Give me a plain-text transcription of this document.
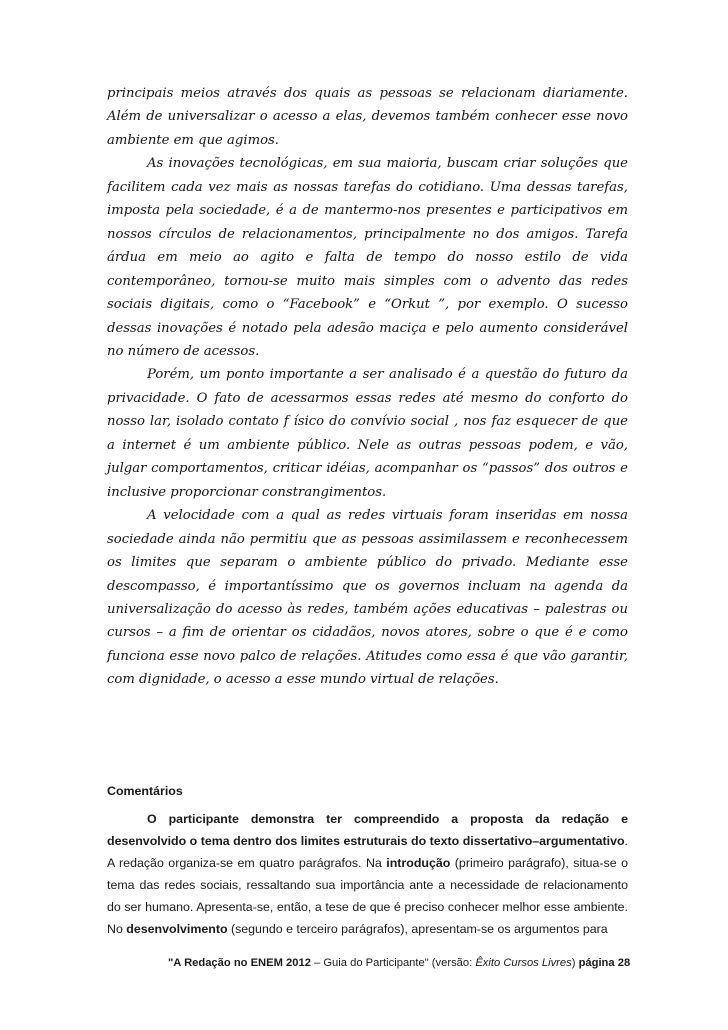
principais meios através dos quais as pessoas se relacionam diariamente. Além de universalizar o acesso a elas, devemos também conhecer esse novo ambiente em que agimos.

As inovações tecnológicas, em sua maioria, buscam criar soluções que facilitem cada vez mais as nossas tarefas do cotidiano. Uma dessas tarefas, imposta pela sociedade, é a de mantermo-nos presentes e participativos em nossos círculos de relacionamentos, principalmente no dos amigos. Tarefa árdua em meio ao agito e falta de tempo do nosso estilo de vida contemporâneo, tornou-se muito mais simples com o advento das redes sociais digitais, como o “Facebook” e “Orkut ”, por exemplo. O sucesso dessas inovações é notado pela adesão maciça e pelo aumento considerável no número de acessos.

Porém, um ponto importante a ser analisado é a questão do futuro da privacidade. O fato de acessarmos essas redes até mesmo do conforto do nosso lar, isolado contato f ísico do convívio social , nos faz esquecer de que a internet é um ambiente público. Nele as outras pessoas podem, e vão, julgar comportamentos, criticar idéias, acompanhar os “passos” dos outros e inclusive proporcionar constrangimentos.

A velocidade com a qual as redes virtuais foram inseridas em nossa sociedade ainda não permitiu que as pessoas assimilassem e reconhecessem os limites que separam o ambiente público do privado. Mediante esse descompasso, é importantíssimo que os governos incluam na agenda da universalização do acesso às redes, também ações educativas – palestras ou cursos – a fim de orientar os cidadãos, novos atores, sobre o que é e como funciona esse novo palco de relações. Atitudes como essa é que vão garantir, com dignidade, o acesso a esse mundo virtual de relações.

Comentários

O participante demonstra ter compreendido a proposta da redação e desenvolvido o tema dentro dos limites estruturais do texto dissertativo–argumentativo. A redação organiza-se em quatro parágrafos. Na introdução (primeiro parágrafo), situa-se o tema das redes sociais, ressaltando sua importância ante a necessidade de relacionamento do ser humano. Apresenta-se, então, a tese de que é preciso conhecer melhor esse ambiente. No desenvolvimento (segundo e terceiro parágrafos), apresentam-se os argumentos para

"A Redação no ENEM 2012 – Guia do Participante" (versão: Êxito Cursos Livres) página 28
